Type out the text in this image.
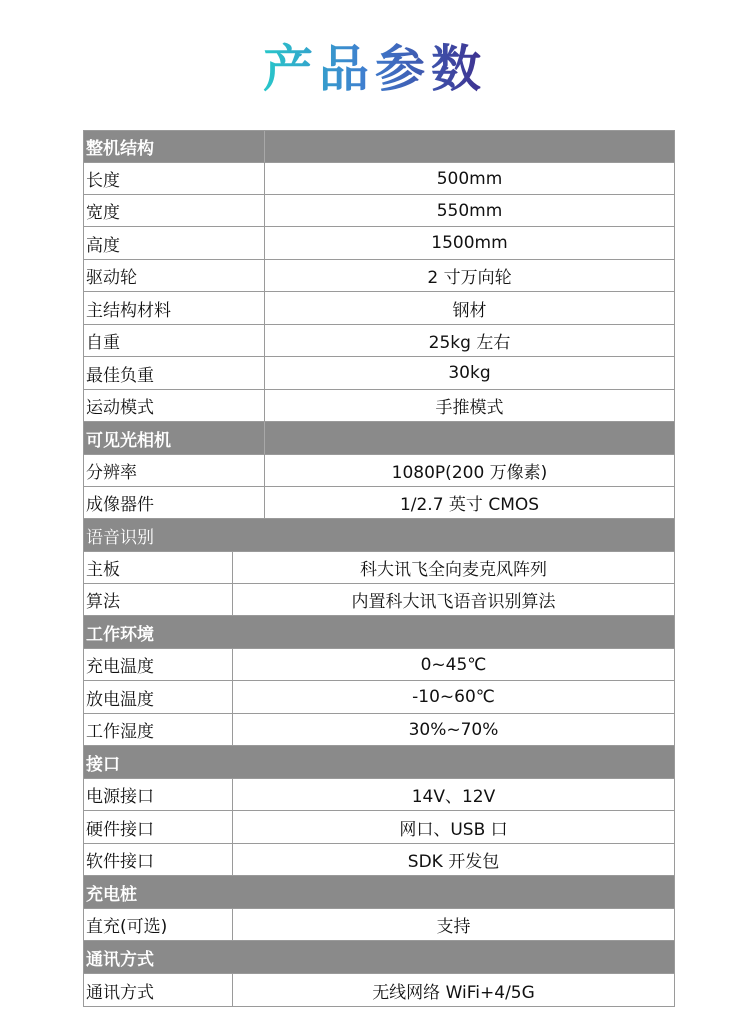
产品参数
整机结构
长度	500mm
宽度	550mm
高度	1500mm
驱动轮	2 寸万向轮
主结构材料	钢材
自重	25kg 左右
最佳负重	30kg
运动模式	手推模式
可见光相机
分辨率	1080P(200 万像素)
成像器件	1/2.7 英寸 CMOS
语音识别
主板	科大讯飞全向麦克风阵列
算法	内置科大讯飞语音识别算法
工作环境
充电温度	0~45℃
放电温度	-10~60℃
工作湿度	30%~70%
接口
电源接口	14V、12V
硬件接口	网口、USB 口
软件接口	SDK 开发包
充电桩
直充(可选)	支持
通讯方式
通讯方式	无线网络 WiFi+4/5G
